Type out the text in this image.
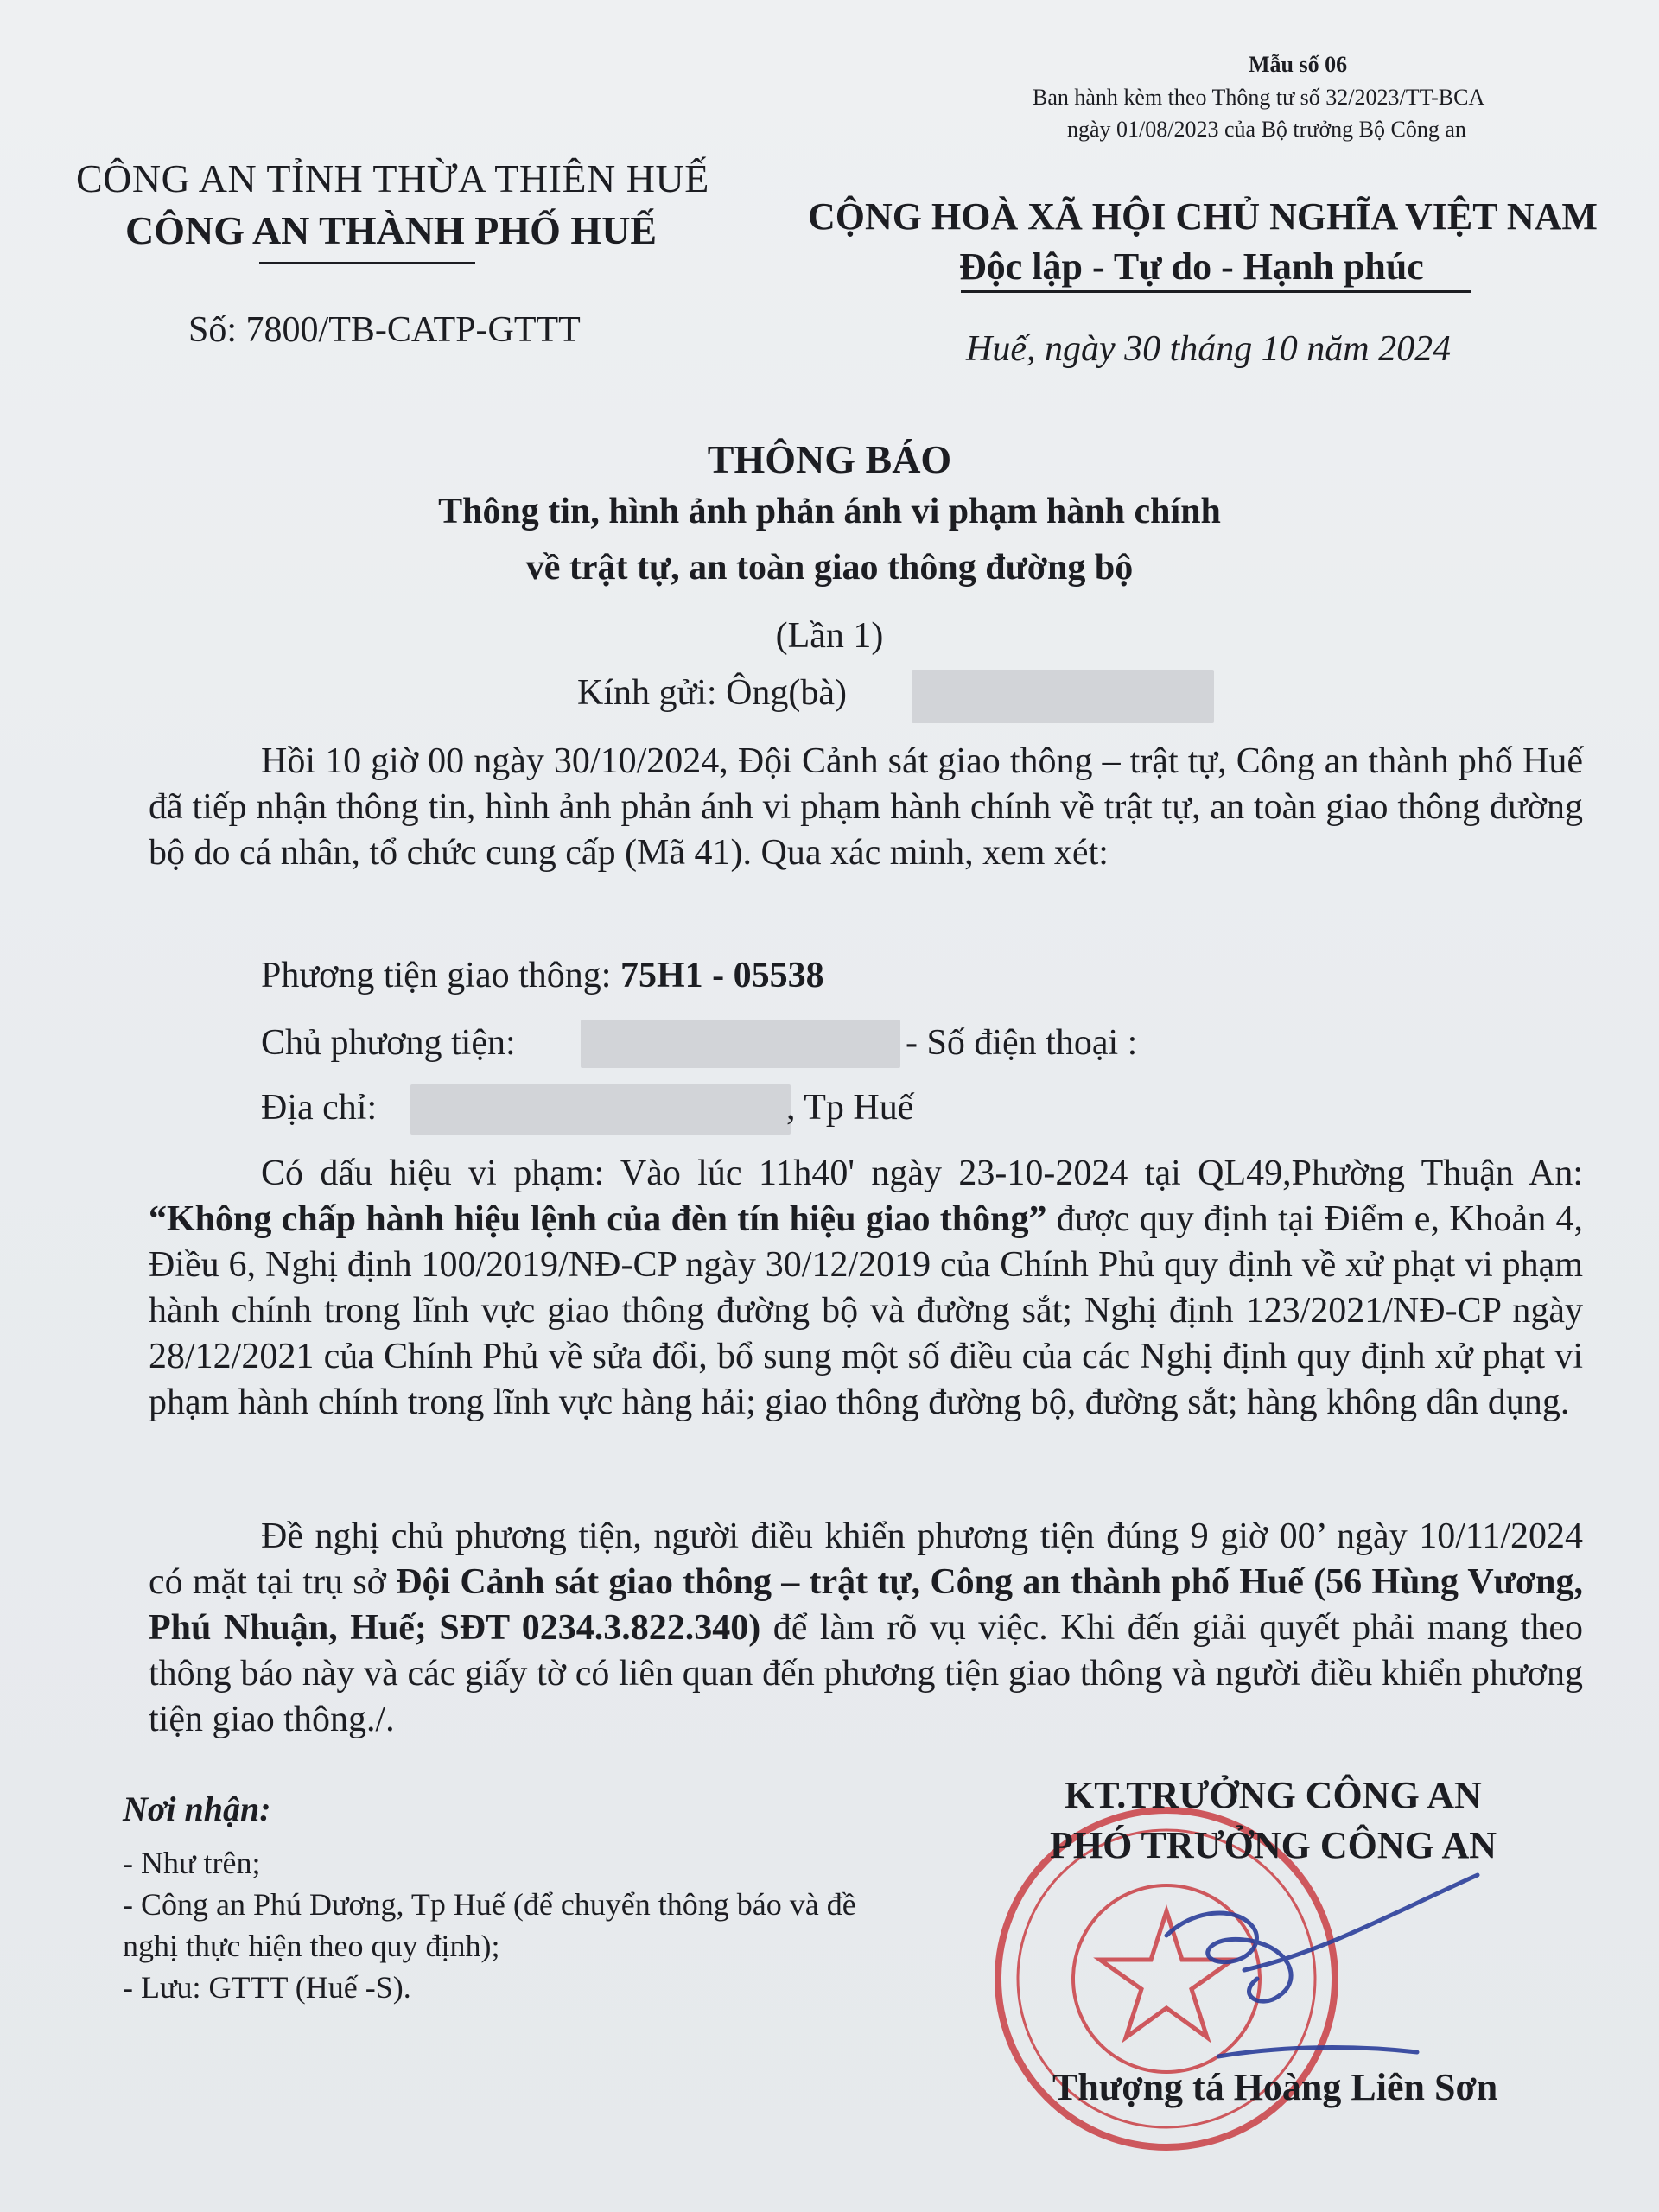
Mẫu số 06
Ban hành kèm theo Thông tư số 32/2023/TT-BCA
ngày 01/08/2023 của Bộ trưởng Bộ Công an
CÔNG AN TỈNH THỪA THIÊN HUẾ
CÔNG AN THÀNH PHỐ HUẾ
Số: 7800/TB-CATP-GTTT
CỘNG HOÀ XÃ HỘI CHỦ NGHĨA VIỆT NAM
Độc lập - Tự do - Hạnh phúc
Huế, ngày 30 tháng 10 năm 2024
THÔNG BÁO
Thông tin, hình ảnh phản ánh vi phạm hành chính
về trật tự, an toàn giao thông đường bộ
(Lần 1)
Kính gửi: Ông(bà)
Hồi 10 giờ 00 ngày 30/10/2024, Đội Cảnh sát giao thông – trật tự, Công an thành phố Huế đã tiếp nhận thông tin, hình ảnh phản ánh vi phạm hành chính về trật tự, an toàn giao thông đường bộ do cá nhân, tổ chức cung cấp (Mã 41). Qua xác minh, xem xét:
Phương tiện giao thông: 75H1 - 05538
Chủ phương tiện:	- Số điện thoại :
Địa chỉ:	, Tp Huế
Có dấu hiệu vi phạm: Vào lúc 11h40' ngày 23-10-2024 tại QL49,Phường Thuận An: “Không chấp hành hiệu lệnh của đèn tín hiệu giao thông” được quy định tại Điểm e, Khoản 4, Điều 6, Nghị định 100/2019/NĐ-CP ngày 30/12/2019 của Chính Phủ quy định về xử phạt vi phạm hành chính trong lĩnh vực giao thông đường bộ và đường sắt; Nghị định 123/2021/NĐ-CP ngày 28/12/2021 của Chính Phủ về sửa đổi, bổ sung một số điều của các Nghị định quy định xử phạt vi phạm hành chính trong lĩnh vực hàng hải; giao thông đường bộ, đường sắt; hàng không dân dụng.
Đề nghị chủ phương tiện, người điều khiển phương tiện đúng 9 giờ 00’ ngày 10/11/2024 có mặt tại trụ sở Đội Cảnh sát giao thông – trật tự, Công an thành phố Huế (56 Hùng Vương, Phú Nhuận, Huế; SĐT 0234.3.822.340) để làm rõ vụ việc. Khi đến giải quyết phải mang theo thông báo này và các giấy tờ có liên quan đến phương tiện giao thông và người điều khiển phương tiện giao thông./.
Nơi nhận:
- Như trên;
- Công an Phú Dương, Tp Huế (để chuyển thông báo và đề nghị thực hiện theo quy định);
- Lưu: GTTT (Huế -S).
KT.TRƯỞNG CÔNG AN
PHÓ TRƯỞNG CÔNG AN
Thượng tá Hoàng Liên Sơn
